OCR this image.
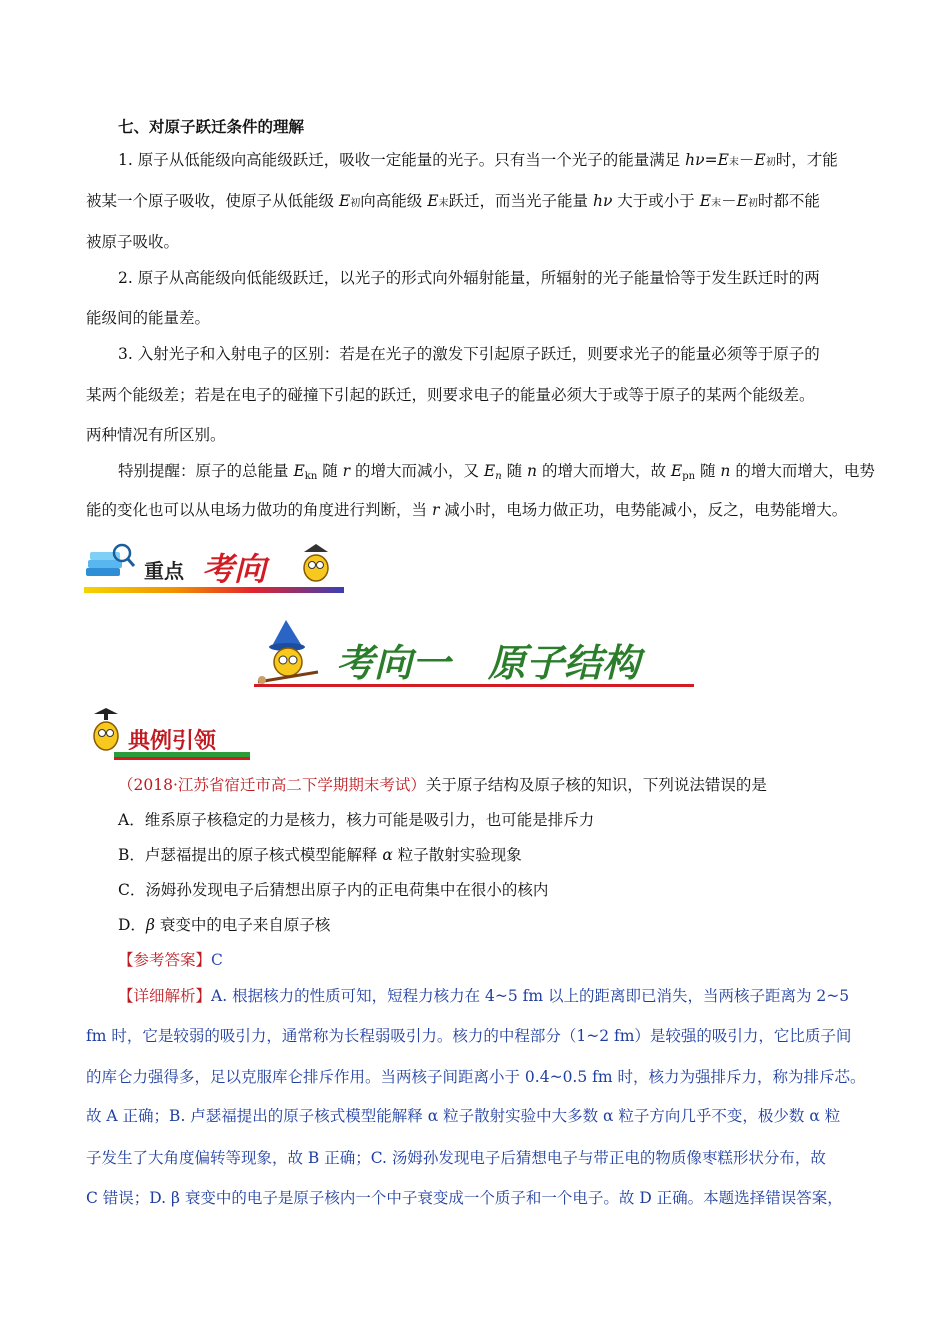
七、对原子跃迁条件的理解
1. 原子从低能级向高能级跃迁，吸收一定能量的光子。只有当一个光子的能量满足 hν=E末－E初时，才能
被某一个原子吸收，使原子从低能级 E初向高能级 E末跃迁，而当光子能量 hν 大于或小于 E末－E初时都不能
被原子吸收。
2. 原子从高能级向低能级跃迁，以光子的形式向外辐射能量，所辐射的光子能量恰等于发生跃迁时的两
能级间的能量差。
3. 入射光子和入射电子的区别：若是在光子的激发下引起原子跃迁，则要求光子的能量必须等于原子的
某两个能级差；若是在电子的碰撞下引起的跃迁，则要求电子的能量必须大于或等于原子的某两个能级差。
两种情况有所区别。
特别提醒：原子的总能量 $E_{kn}$ 随 r 的增大而减小，又 $E_n$ 随 n 的增大而增大，故 $E_{pn}$ 随 n 的增大而增大，电势
能的变化也可以从电场力做功的角度进行判断，当 r 减小时，电场力做正功，电势能减小，反之，电势能增大。
重点 考向
考向一　原子结构
典例引领
（2018·江苏省宿迁市高二下学期期末考试）关于原子结构及原子核的知识，下列说法错误的是
A．维系原子核稳定的力是核力，核力可能是吸引力，也可能是排斥力
B．卢瑟福提出的原子核式模型能解释 α 粒子散射实验现象
C．汤姆孙发现电子后猜想出原子内的正电荷集中在很小的核内
D．β 衰变中的电子来自原子核
【参考答案】C
【详细解析】A. 根据核力的性质可知，短程力核力在 4~5 fm 以上的距离即已消失，当两核子距离为 2~5
fm 时，它是较弱的吸引力，通常称为长程弱吸引力。核力的中程部分（1~2 fm）是较强的吸引力，它比质子间
的库仑力强得多，足以克服库仑排斥作用。当两核子间距离小于 0.4~0.5 fm 时，核力为强排斥力，称为排斥芯。
故 A 正确；B. 卢瑟福提出的原子核式模型能解释 α 粒子散射实验中大多数 α 粒子方向几乎不变，极少数 α 粒
子发生了大角度偏转等现象，故 B 正确；C. 汤姆孙发现电子后猜想电子与带正电的物质像枣糕形状分布，故
C 错误；D. β 衰变中的电子是原子核内一个中子衰变成一个质子和一个电子。故 D 正确。本题选择错误答案，
